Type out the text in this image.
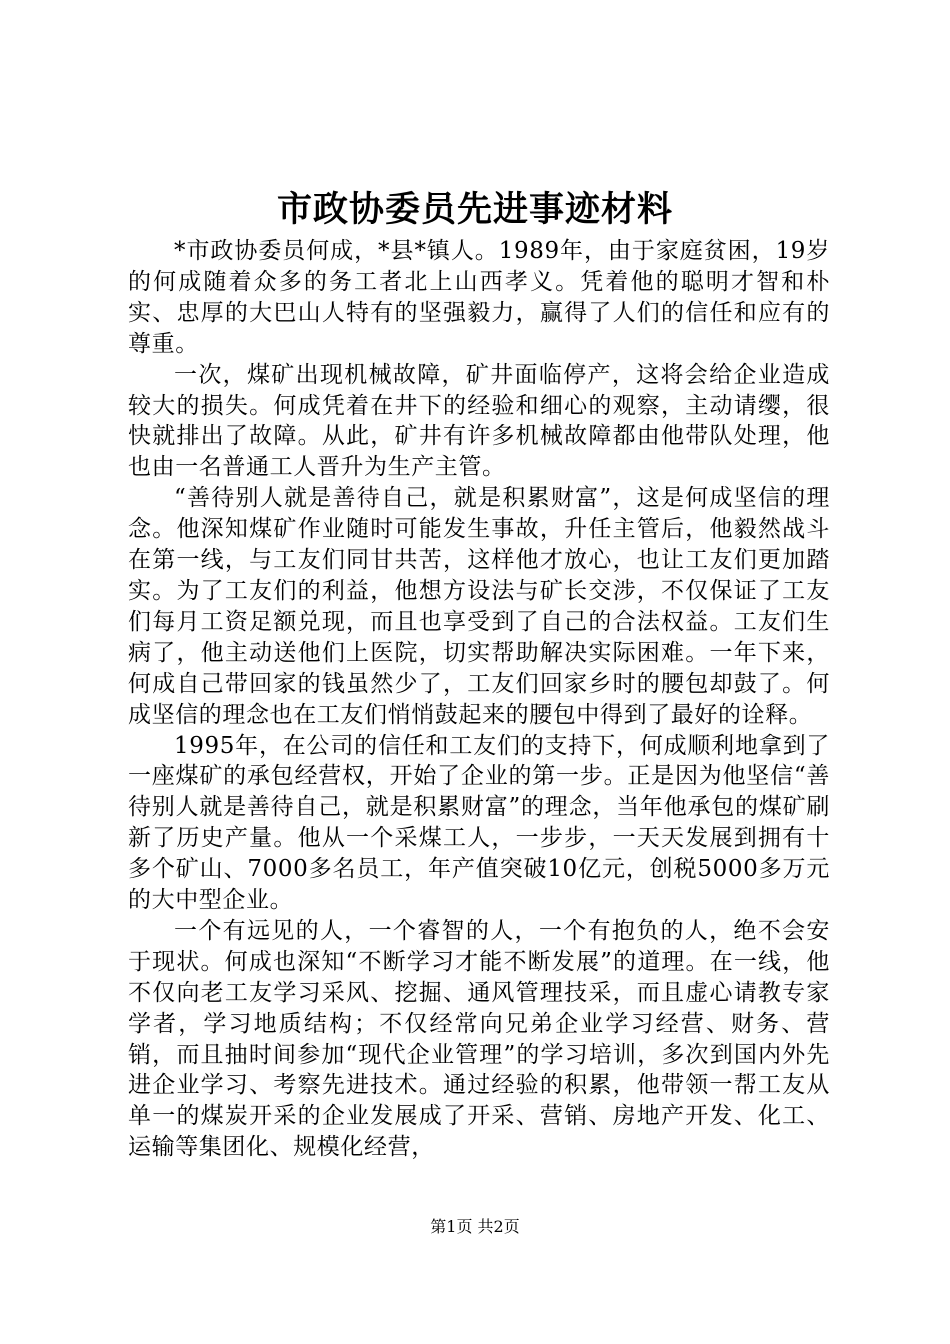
市政协委员先进事迹材料

*市政协委员何成，*县*镇人。1989年，由于家庭贫困，19岁的何成随着众多的务工者北上山西孝义。凭着他的聪明才智和朴实、忠厚的大巴山人特有的坚强毅力，赢得了人们的信任和应有的尊重。

一次，煤矿出现机械故障，矿井面临停产，这将会给企业造成较大的损失。何成凭着在井下的经验和细心的观察，主动请缨，很快就排出了故障。从此，矿井有许多机械故障都由他带队处理，他也由一名普通工人晋升为生产主管。

“善待别人就是善待自己，就是积累财富”，这是何成坚信的理念。他深知煤矿作业随时可能发生事故，升任主管后，他毅然战斗在第一线，与工友们同甘共苦，这样他才放心，也让工友们更加踏实。为了工友们的利益，他想方设法与矿长交涉，不仅保证了工友们每月工资足额兑现，而且也享受到了自己的合法权益。工友们生病了，他主动送他们上医院，切实帮助解决实际困难。一年下来，何成自己带回家的钱虽然少了，工友们回家乡时的腰包却鼓了。何成坚信的理念也在工友们悄悄鼓起来的腰包中得到了最好的诠释。

1995年，在公司的信任和工友们的支持下，何成顺利地拿到了一座煤矿的承包经营权，开始了企业的第一步。正是因为他坚信“善待别人就是善待自己，就是积累财富”的理念，当年他承包的煤矿刷新了历史产量。他从一个采煤工人，一步步，一天天发展到拥有十多个矿山、7000多名员工，年产值突破10亿元，创税5000多万元的大中型企业。

一个有远见的人，一个睿智的人，一个有抱负的人，绝不会安于现状。何成也深知“不断学习才能不断发展”的道理。在一线，他不仅向老工友学习采风、挖掘、通风管理技采，而且虚心请教专家学者，学习地质结构；不仅经常向兄弟企业学习经营、财务、营销，而且抽时间参加“现代企业管理”的学习培训，多次到国内外先进企业学习、考察先进技术。通过经验的积累，他带领一帮工友从单一的煤炭开采的企业发展成了开采、营销、房地产开发、化工、运输等集团化、规模化经营，

第1页 共2页
